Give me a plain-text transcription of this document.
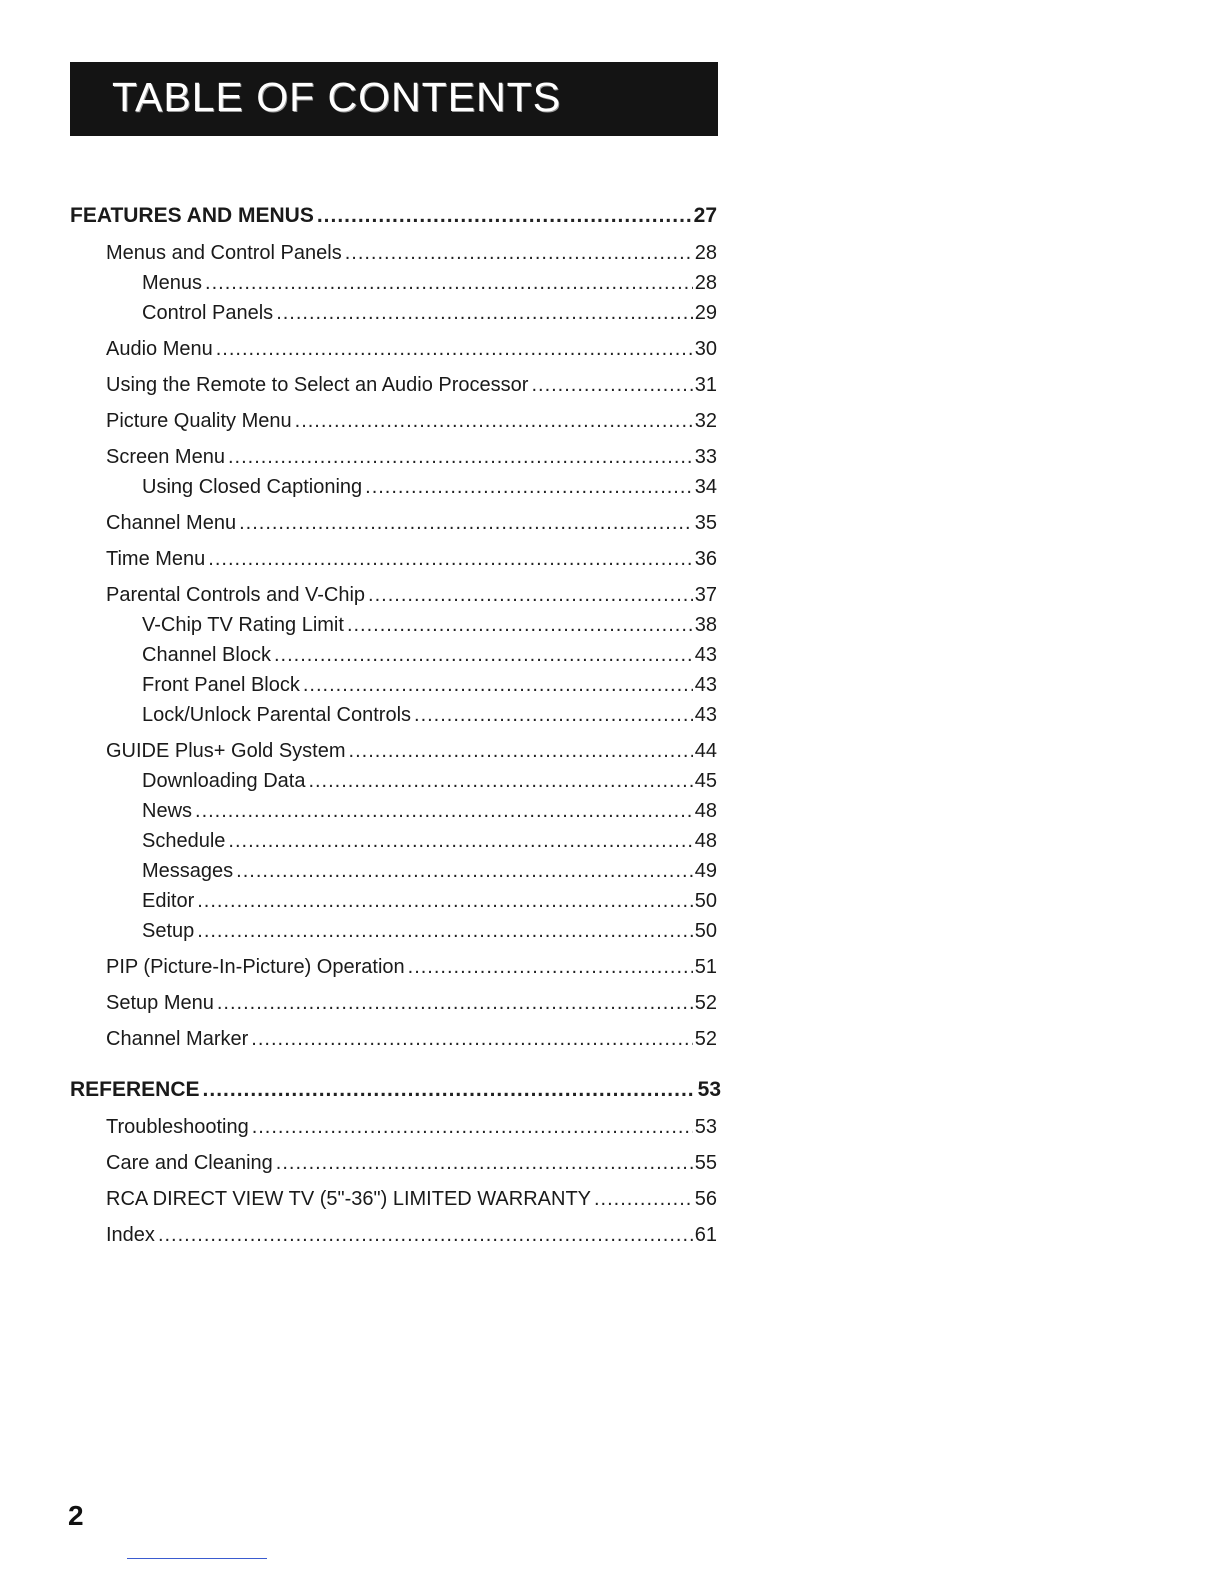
TABLE OF CONTENTS
FEATURES AND MENUS .....	27
Menus and Control Panels .....	28
Menus .....	28
Control Panels .....	29
Audio Menu .....	30
Using the Remote to Select an Audio Processor .....	31
Picture Quality Menu .....	32
Screen Menu .....	33
Using Closed Captioning .....	34
Channel Menu .....	35
Time Menu .....	36
Parental Controls and V-Chip .....	37
V-Chip TV Rating Limit .....	38
Channel Block .....	43
Front Panel Block .....	43
Lock/Unlock Parental Controls .....	43
GUIDE Plus+ Gold System .....	44
Downloading Data .....	45
News .....	48
Schedule .....	48
Messages .....	49
Editor .....	50
Setup .....	50
PIP (Picture-In-Picture) Operation .....	51
Setup Menu .....	52
Channel Marker .....	52
REFERENCE .....	53
Troubleshooting .....	53
Care and Cleaning .....	55
RCA DIRECT VIEW TV (5"-36") LIMITED WARRANTY .....	56
Index .....	61
2
